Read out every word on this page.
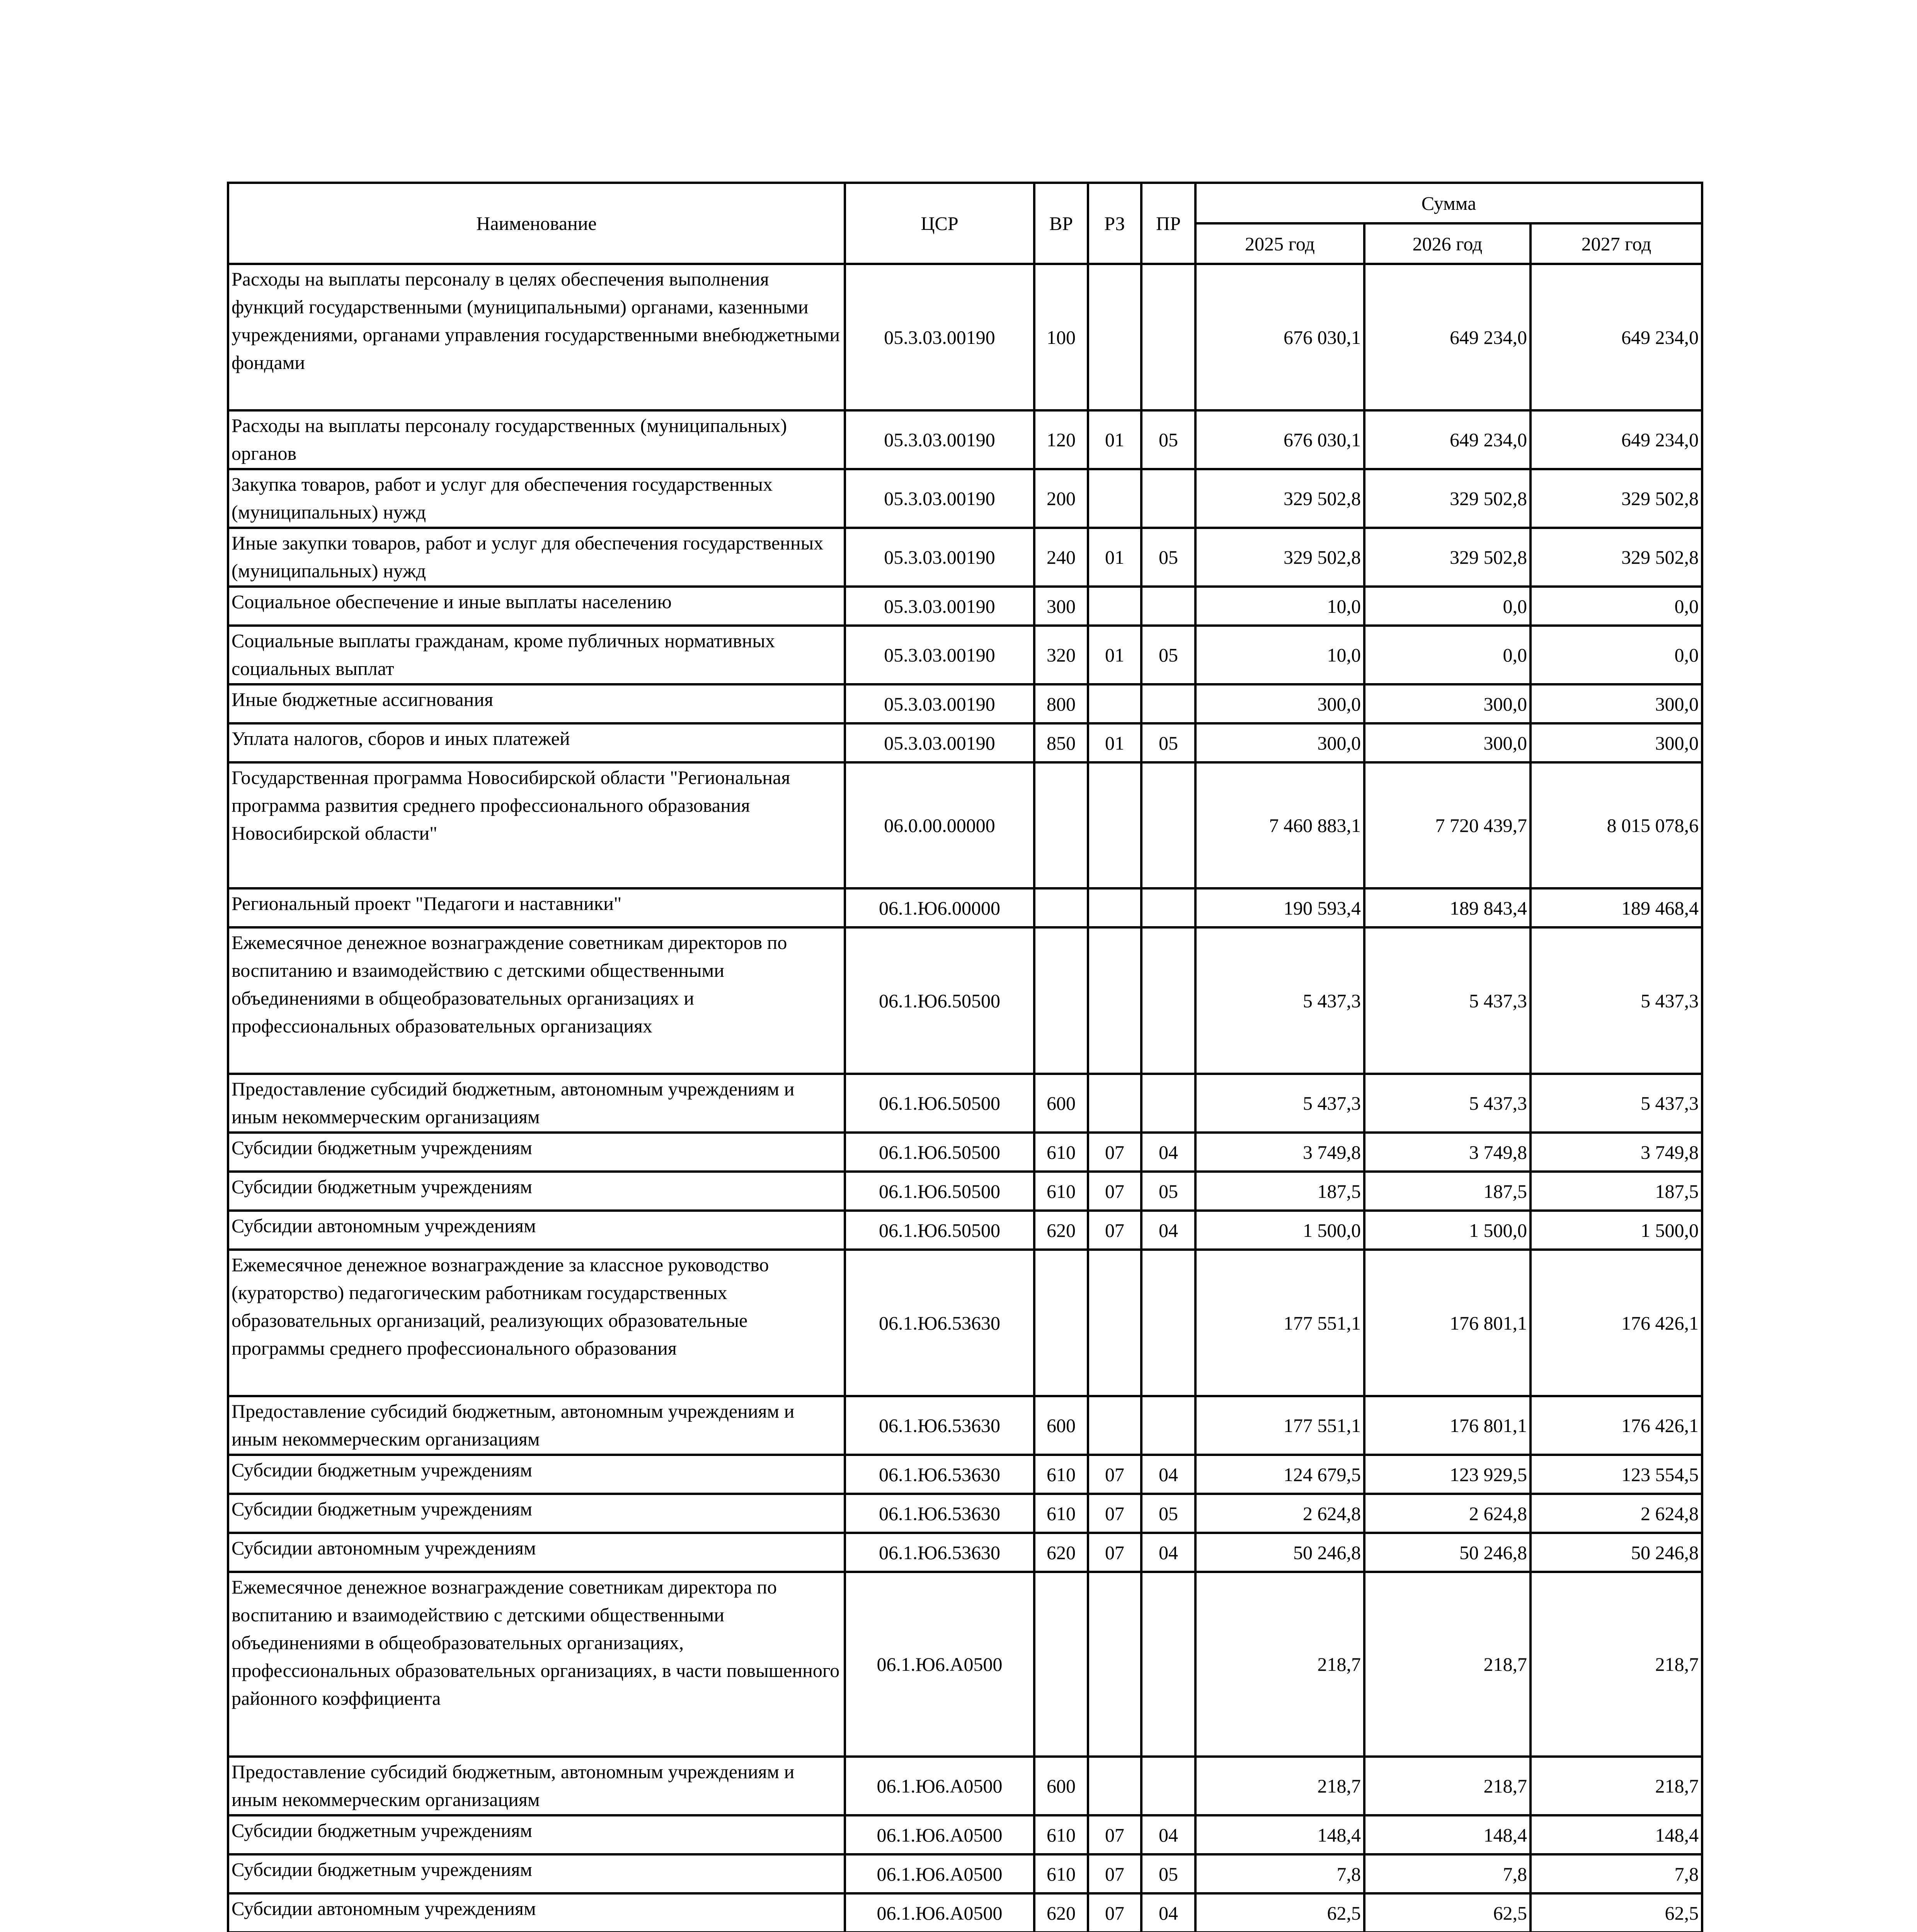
Наименование	ЦСР	ВР	РЗ	ПР	Сумма		
					2025 год	2026 год	2027 год
Расходы на выплаты персоналу в целях обеспечения выполнения функций государственными (муниципальными) органами, казенными учреждениями, органами управления государственными внебюджетными фондами	05.3.03.00190	100			676 030,1	649 234,0	649 234,0
Расходы на выплаты персоналу государственных (муниципальных) органов	05.3.03.00190	120	01	05	676 030,1	649 234,0	649 234,0
Закупка товаров, работ и услуг для обеспечения государственных (муниципальных) нужд	05.3.03.00190	200			329 502,8	329 502,8	329 502,8
Иные закупки товаров, работ и услуг для обеспечения государственных (муниципальных) нужд	05.3.03.00190	240	01	05	329 502,8	329 502,8	329 502,8
Социальное обеспечение и иные выплаты населению	05.3.03.00190	300			10,0	0,0	0,0
Социальные выплаты гражданам, кроме публичных нормативных социальных выплат	05.3.03.00190	320	01	05	10,0	0,0	0,0
Иные бюджетные ассигнования	05.3.03.00190	800			300,0	300,0	300,0
Уплата налогов, сборов и иных платежей	05.3.03.00190	850	01	05	300,0	300,0	300,0
Государственная программа Новосибирской области "Региональная программа развития среднего профессионального образования Новосибирской области"	06.0.00.00000				7 460 883,1	7 720 439,7	8 015 078,6
Региональный проект "Педагоги и наставники"	06.1.Ю6.00000				190 593,4	189 843,4	189 468,4
Ежемесячное денежное вознаграждение советникам директоров по воспитанию и взаимодействию с детскими общественными объединениями в общеобразовательных организациях и профессиональных образовательных организациях	06.1.Ю6.50500				5 437,3	5 437,3	5 437,3
Предоставление субсидий бюджетным, автономным учреждениям и иным некоммерческим организациям	06.1.Ю6.50500	600			5 437,3	5 437,3	5 437,3
Субсидии бюджетным учреждениям	06.1.Ю6.50500	610	07	04	3 749,8	3 749,8	3 749,8
Субсидии бюджетным учреждениям	06.1.Ю6.50500	610	07	05	187,5	187,5	187,5
Субсидии автономным учреждениям	06.1.Ю6.50500	620	07	04	1 500,0	1 500,0	1 500,0
Ежемесячное денежное вознаграждение за классное руководство (кураторство) педагогическим работникам государственных образовательных организаций, реализующих образовательные программы среднего профессионального образования	06.1.Ю6.53630				177 551,1	176 801,1	176 426,1
Предоставление субсидий бюджетным, автономным учреждениям и иным некоммерческим организациям	06.1.Ю6.53630	600			177 551,1	176 801,1	176 426,1
Субсидии бюджетным учреждениям	06.1.Ю6.53630	610	07	04	124 679,5	123 929,5	123 554,5
Субсидии бюджетным учреждениям	06.1.Ю6.53630	610	07	05	2 624,8	2 624,8	2 624,8
Субсидии автономным учреждениям	06.1.Ю6.53630	620	07	04	50 246,8	50 246,8	50 246,8
Ежемесячное денежное вознаграждение советникам директора по воспитанию и взаимодействию с детскими общественными объединениями в общеобразовательных организациях, профессиональных образовательных организациях, в части повышенного районного коэффициента	06.1.Ю6.А0500				218,7	218,7	218,7
Предоставление субсидий бюджетным, автономным учреждениям и иным некоммерческим организациям	06.1.Ю6.А0500	600			218,7	218,7	218,7
Субсидии бюджетным учреждениям	06.1.Ю6.А0500	610	07	04	148,4	148,4	148,4
Субсидии бюджетным учреждениям	06.1.Ю6.А0500	610	07	05	7,8	7,8	7,8
Субсидии автономным учреждениям	06.1.Ю6.А0500	620	07	04	62,5	62,5	62,5
